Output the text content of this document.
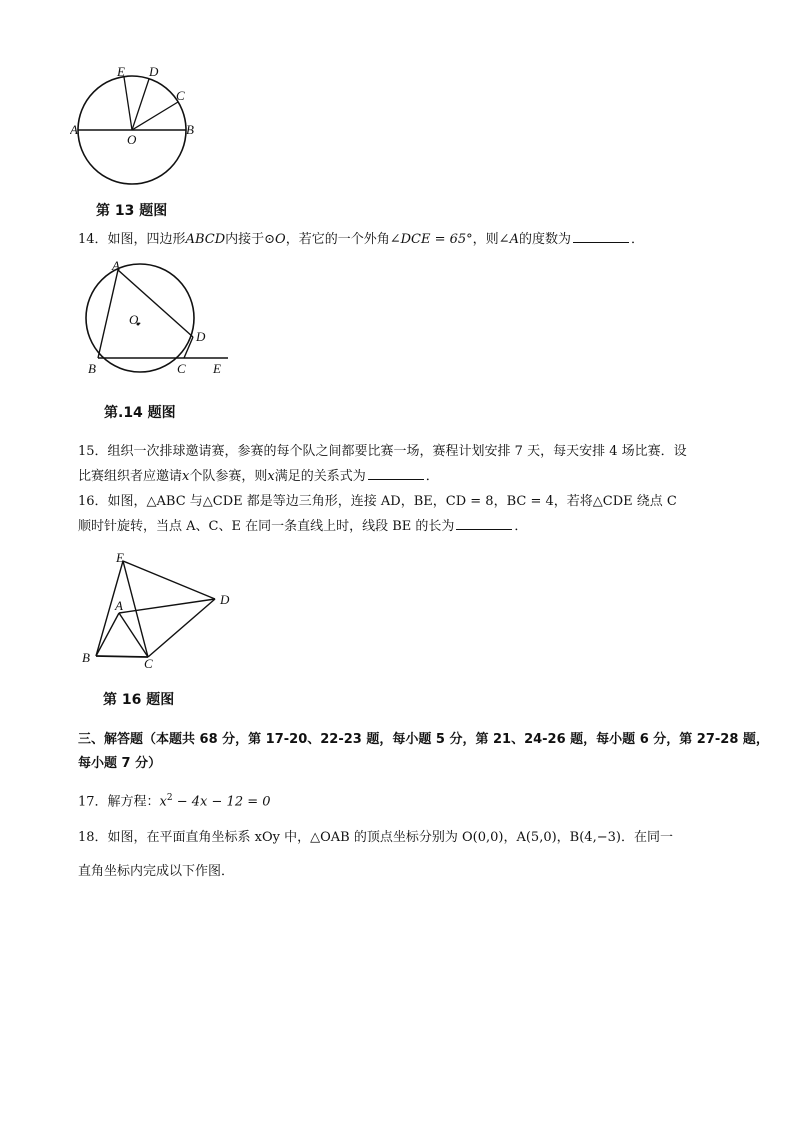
E D
C
A	B
O
第 13 题图
14．如图，四边形ABCD内接于⊙O，若它的一个外角∠DCE = 65°，则∠A的度数为	．
A
O.
D
B	C E
第.14 题图
15．组织一次排球邀请赛，参赛的每个队之间都要比赛一场，赛程计划安排 7 天，每天安排 4 场比赛．设
比赛组织者应邀请x个队参赛，则x满足的关系式为	．
16．如图，△ABC 与△CDE 都是等边三角形，连接 AD，BE，CD = 8，BC = 4，若将△CDE 绕点 C
顺时针旋转，当点 A、C、E 在同一条直线上时，线段 BE 的长为	．
E
D
A
B	C
第 16 题图
三、解答题（本题共 68 分，第 17-20、22-23 题，每小题 5 分，第 21、24-26 题，每小题 6 分，第 27-28 题，
每小题 7 分）
17．解方程：$x^2 - 4x - 12 = 0$
18．如图，在平面直角坐标系 xOy 中，△OAB 的顶点坐标分别为 O(0,0)，A(5,0)，B(4,−3)．在同一
直角坐标内完成以下作图．
